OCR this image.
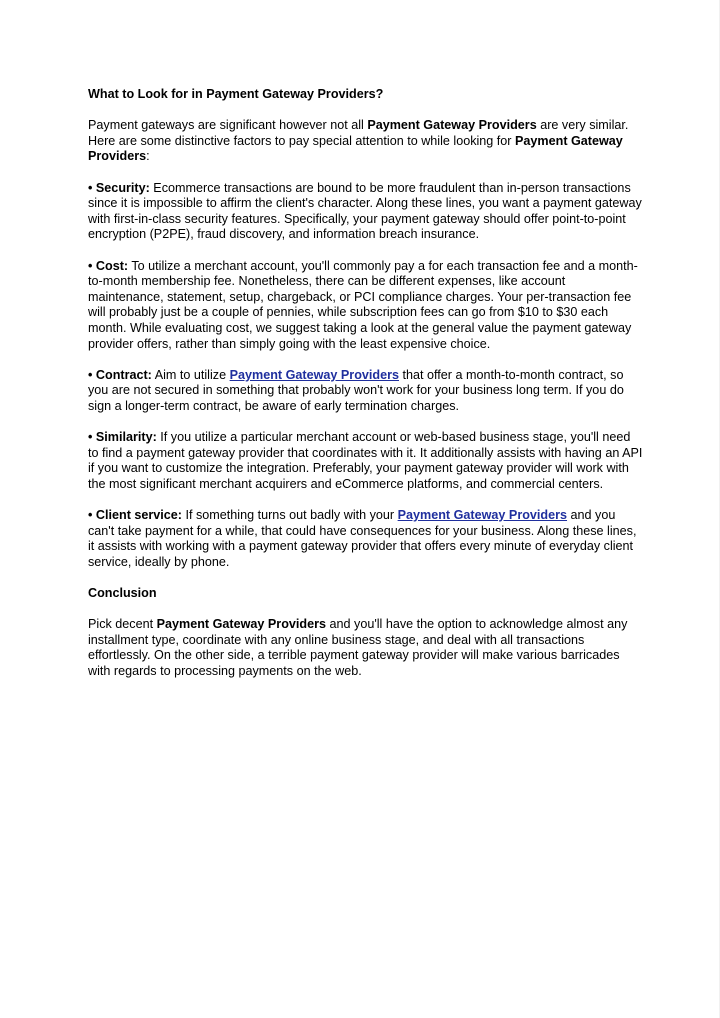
What to Look for in Payment Gateway Providers?

Payment gateways are significant however not all Payment Gateway Providers are very similar. Here are some distinctive factors to pay special attention to while looking for Payment Gateway Providers:

• Security: Ecommerce transactions are bound to be more fraudulent than in-person transactions since it is impossible to affirm the client's character. Along these lines, you want a payment gateway with first-in-class security features. Specifically, your payment gateway should offer point-to-point encryption (P2PE), fraud discovery, and information breach insurance.

• Cost: To utilize a merchant account, you'll commonly pay a for each transaction fee and a month-to-month membership fee. Nonetheless, there can be different expenses, like account maintenance, statement, setup, chargeback, or PCI compliance charges. Your per-transaction fee will probably just be a couple of pennies, while subscription fees can go from $10 to $30 each month. While evaluating cost, we suggest taking a look at the general value the payment gateway provider offers, rather than simply going with the least expensive choice.

• Contract: Aim to utilize Payment Gateway Providers that offer a month-to-month contract, so you are not secured in something that probably won't work for your business long term. If you do sign a longer-term contract, be aware of early termination charges.

• Similarity: If you utilize a particular merchant account or web-based business stage, you'll need to find a payment gateway provider that coordinates with it. It additionally assists with having an API if you want to customize the integration. Preferably, your payment gateway provider will work with the most significant merchant acquirers and eCommerce platforms, and commercial centers.

• Client service: If something turns out badly with your Payment Gateway Providers and you can't take payment for a while, that could have consequences for your business. Along these lines, it assists with working with a payment gateway provider that offers every minute of everyday client service, ideally by phone.

Conclusion

Pick decent Payment Gateway Providers and you'll have the option to acknowledge almost any installment type, coordinate with any online business stage, and deal with all transactions effortlessly. On the other side, a terrible payment gateway provider will make various barricades with regards to processing payments on the web.
